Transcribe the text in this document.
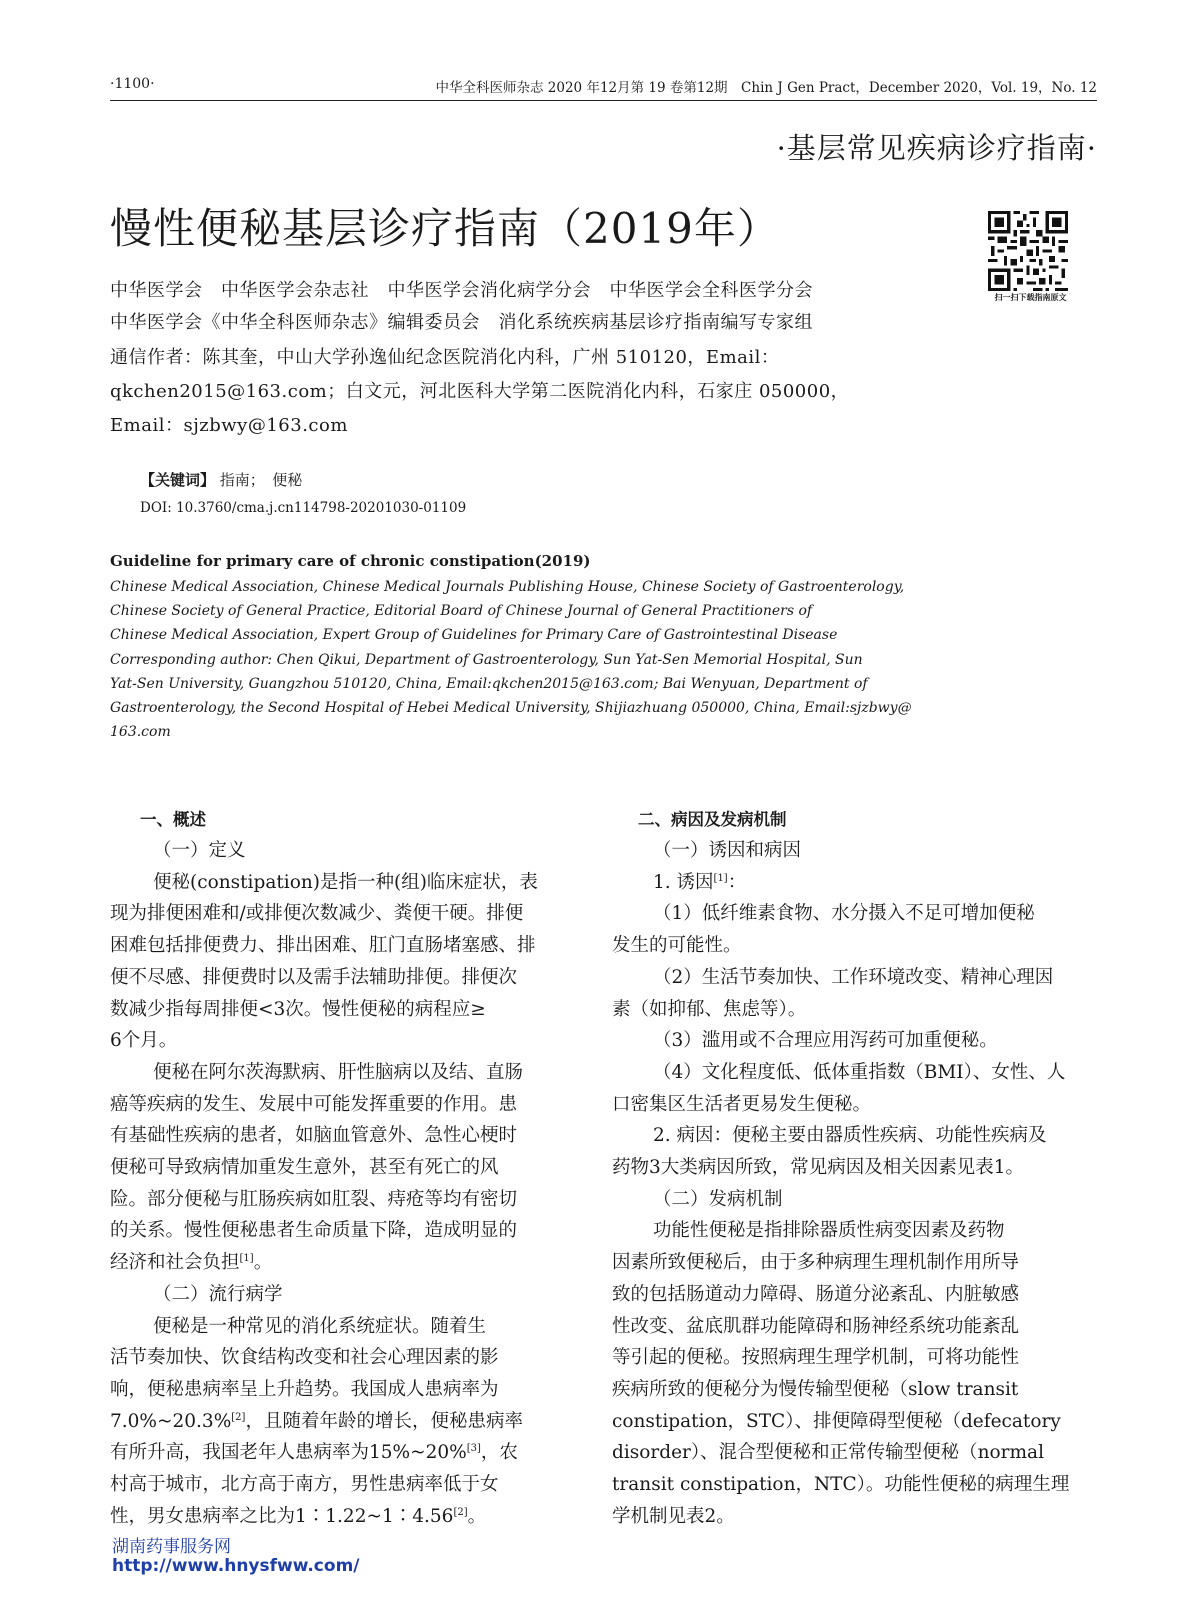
·1100·	中华全科医师杂志 2020 年12月第 19 卷第12期　Chin J Gen Pract，December 2020，Vol. 19，No. 12
·基层常见疾病诊疗指南·
慢性便秘基层诊疗指南（2019年）
扫一扫下载指南原文
中华医学会　中华医学会杂志社　中华医学会消化病学分会　中华医学会全科医学分会
中华医学会《中华全科医师杂志》编辑委员会　消化系统疾病基层诊疗指南编写专家组
通信作者：陈其奎，中山大学孙逸仙纪念医院消化内科，广州 510120，Email：
qkchen2015@163.com；白文元，河北医科大学第二医院消化内科，石家庄 050000，
Email：sjzbwy@163.com
【关键词】 指南；　便秘
DOI: 10.3760/cma.j.cn114798-20201030-01109
Guideline for primary care of chronic constipation(2019)
Chinese Medical Association, Chinese Medical Journals Publishing House, Chinese Society of Gastroenterology,
Chinese Society of General Practice, Editorial Board of Chinese Journal of General Practitioners of
Chinese Medical Association, Expert Group of Guidelines for Primary Care of Gastrointestinal Disease
Corresponding author: Chen Qikui, Department of Gastroenterology, Sun Yat-Sen Memorial Hospital, Sun
Yat-Sen University, Guangzhou 510120, China, Email:qkchen2015@163.com; Bai Wenyuan, Department of
Gastroenterology, the Second Hospital of Hebei Medical University, Shijiazhuang 050000, China, Email:sjzbwy@
163.com
一、概述
（一）定义
便秘(constipation)是指一种(组)临床症状，表
现为排便困难和/或排便次数减少、粪便干硬。排便
困难包括排便费力、排出困难、肛门直肠堵塞感、排
便不尽感、排便费时以及需手法辅助排便。排便次
数减少指每周排便<3次。慢性便秘的病程应≥
6个月。
便秘在阿尔茨海默病、肝性脑病以及结、直肠
癌等疾病的发生、发展中可能发挥重要的作用。患
有基础性疾病的患者，如脑血管意外、急性心梗时
便秘可导致病情加重发生意外，甚至有死亡的风
险。部分便秘与肛肠疾病如肛裂、痔疮等均有密切
的关系。慢性便秘患者生命质量下降，造成明显的
经济和社会负担[1]。
（二）流行病学
便秘是一种常见的消化系统症状。随着生
活节奏加快、饮食结构改变和社会心理因素的影
响，便秘患病率呈上升趋势。我国成人患病率为
7.0%~20.3%[2]，且随着年龄的增长，便秘患病率
有所升高，我国老年人患病率为15%~20%[3]，农
村高于城市，北方高于南方，男性患病率低于女
性，男女患病率之比为1∶1.22~1∶4.56[2]。
二、病因及发病机制
（一）诱因和病因
1. 诱因[1]：
（1）低纤维素食物、水分摄入不足可增加便秘
发生的可能性。
（2）生活节奏加快、工作环境改变、精神心理因
素（如抑郁、焦虑等）。
（3）滥用或不合理应用泻药可加重便秘。
（4）文化程度低、低体重指数（BMI）、女性、人
口密集区生活者更易发生便秘。
2. 病因：便秘主要由器质性疾病、功能性疾病及
药物3大类病因所致，常见病因及相关因素见表1。
（二）发病机制
功能性便秘是指排除器质性病变因素及药物
因素所致便秘后，由于多种病理生理机制作用所导
致的包括肠道动力障碍、肠道分泌紊乱、内脏敏感
性改变、盆底肌群功能障碍和肠神经系统功能紊乱
等引起的便秘。按照病理生理学机制，可将功能性
疾病所致的便秘分为慢传输型便秘（slow transit
constipation，STC）、排便障碍型便秘（defecatory
disorder）、混合型便秘和正常传输型便秘（normal
transit constipation，NTC）。功能性便秘的病理生理
学机制见表2。
湖南药事服务网
http://www.hnysfww.com/
